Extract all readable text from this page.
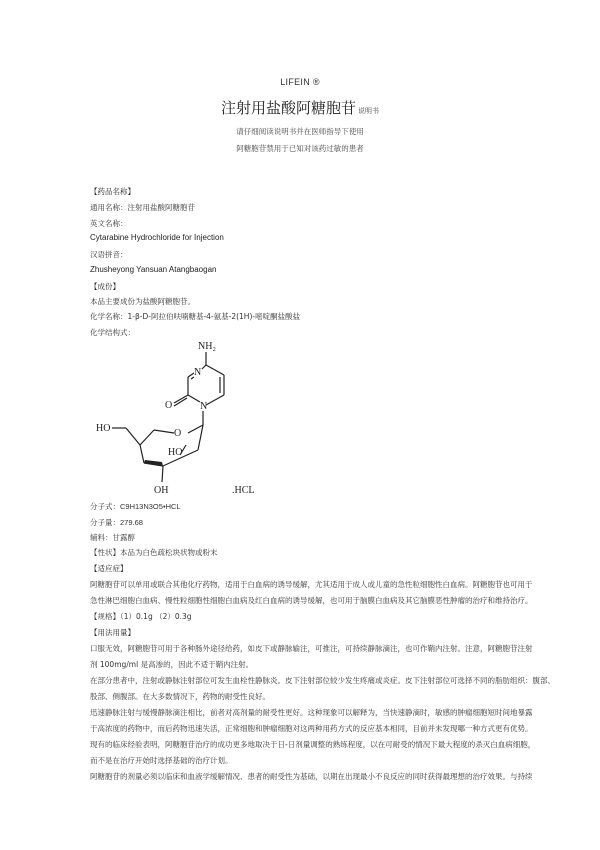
LIFEIN ®
注射用盐酸阿糖胞苷 说明书
请仔细阅读说明书并在医师指导下使用
阿糖胞苷禁用于已知对该药过敏的患者
【药品名称】
通用名称：注射用盐酸阿糖胞苷
英文名称：
Cytarabine Hydrochloride for Injection
汉语拼音：
Zhusheyong Yansuan Atangbaogan
【成份】
本品主要成份为盐酸阿糖胞苷。
化学名称：1-β-D-阿拉伯呋喃糖基-4-氨基-2(1H)-嘧啶酮盐酸盐
化学结构式：
NH₂
N
N
O
O
HO
HO
OH	.HCL
分子式：C9H13N3O5•HCL
分子量：279.68
辅料：甘露醇
【性状】本品为白色疏松块状物或粉末
【适应症】
阿糖胞苷可以单用或联合其他化疗药物，适用于白血病的诱导缓解，尤其适用于成人或儿童的急性粒细胞性白血病。阿糖胞苷也可用于
急性淋巴细胞白血病、慢性粒细胞性细胞白血病及红白血病的诱导缓解，也可用于脑膜白血病及其它脑膜恶性肿瘤的治疗和维持治疗。
【规格】（1）0.1g （2）0.3g
【用法用量】
口服无效，阿糖胞苷可用于各种肠外途径给药，如皮下或静脉输注，可推注，可持续静脉滴注，也可作鞘内注射。注意，阿糖胞苷注射
剂 100mg/ml 是高渗的，因此不适于鞘内注射。
在部分患者中，注射或静脉注射部位可发生血栓性静脉炎。皮下注射部位较少发生疼痛或炎症。皮下注射部位可选择不同的脂肪组织：腹部、
股部、侧腹部。在大多数情况下，药物的耐受性良好。
迅速静脉注射与缓慢静脉滴注相比，前者对高剂量的耐受性更好。这种现象可以解释为，当快速静滴时，敏感的肿瘤细胞短时间地暴露
于高浓度的药物中，而后药物迅速失活，正常细胞和肿瘤细胞对这两种用药方式的反应基本相同，目前并未发现哪一种方式更有优势。
现有的临床经验表明，阿糖胞苷治疗的成功更多地取决于日-日剂量调整的熟练程度，以在可耐受的情况下最大程度的杀灭白血病细胞，
而不是在治疗开始时选择基础的治疗计划。
阿糖胞苷的剂量必须以临床和血液学缓解情况、患者的耐受性为基础，以期在出现最小不良反应的同时获得最理想的治疗效果。与持续
